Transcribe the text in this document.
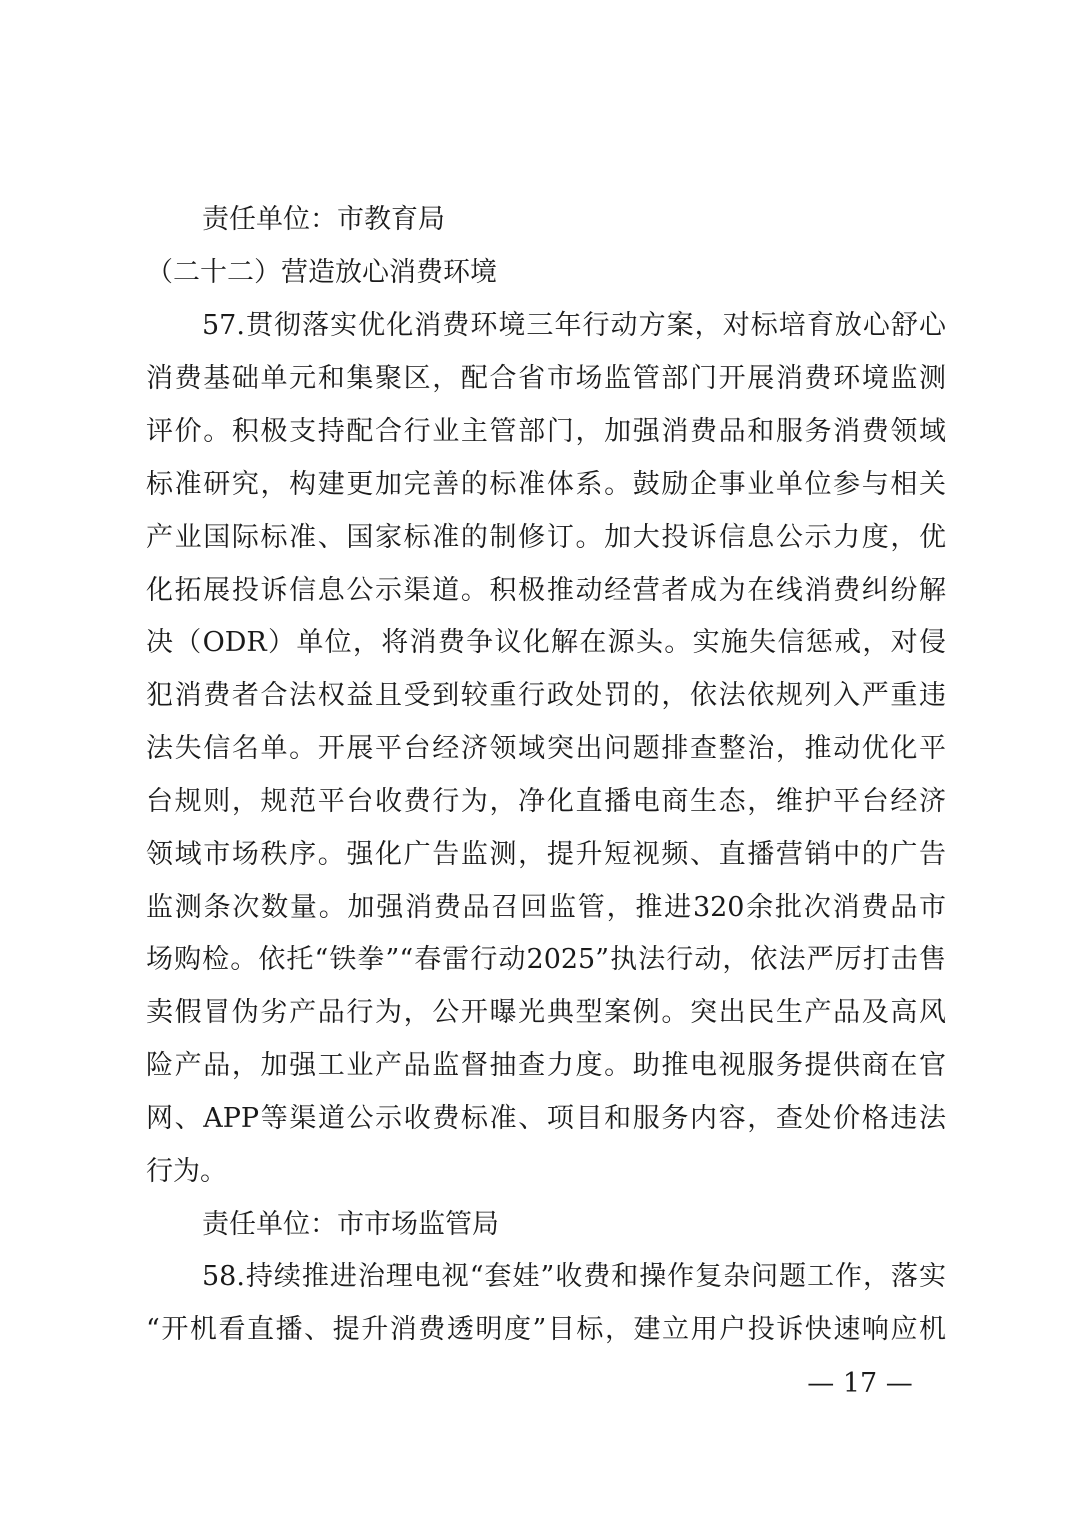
责任单位：市教育局
（二十二）营造放心消费环境
57.贯彻落实优化消费环境三年行动方案，对标培育放心舒心
消费基础单元和集聚区，配合省市场监管部门开展消费环境监测
评价。积极支持配合行业主管部门，加强消费品和服务消费领域
标准研究，构建更加完善的标准体系。鼓励企事业单位参与相关
产业国际标准、国家标准的制修订。加大投诉信息公示力度，优
化拓展投诉信息公示渠道。积极推动经营者成为在线消费纠纷解
决（ODR）单位，将消费争议化解在源头。实施失信惩戒，对侵
犯消费者合法权益且受到较重行政处罚的，依法依规列入严重违
法失信名单。开展平台经济领域突出问题排查整治，推动优化平
台规则，规范平台收费行为，净化直播电商生态，维护平台经济
领域市场秩序。强化广告监测，提升短视频、直播营销中的广告
监测条次数量。加强消费品召回监管，推进320余批次消费品市
场购检。依托“铁拳”“春雷行动2025”执法行动，依法严厉打击售
卖假冒伪劣产品行为，公开曝光典型案例。突出民生产品及高风
险产品，加强工业产品监督抽查力度。助推电视服务提供商在官
网、APP等渠道公示收费标准、项目和服务内容，查处价格违法
行为。
责任单位：市市场监管局
58.持续推进治理电视“套娃”收费和操作复杂问题工作，落实
“开机看直播、提升消费透明度”目标，建立用户投诉快速响应机
— 17 —
